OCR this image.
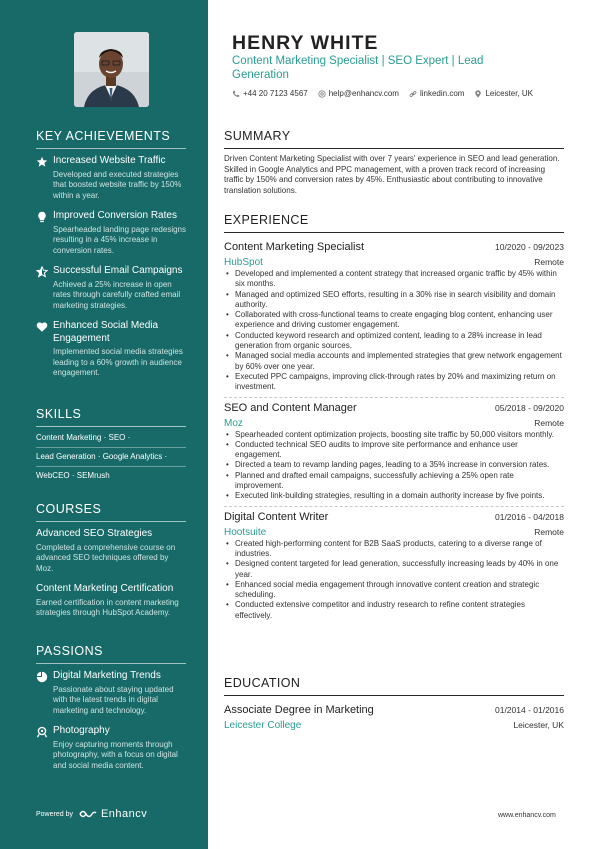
KEY ACHIEVEMENTS
Increased Website Traffic
Developed and executed strategies that boosted website traffic by 150% within a year.
Improved Conversion Rates
Spearheaded landing page redesigns resulting in a 45% increase in conversion rates.
Successful Email Campaigns
Achieved a 25% increase in open rates through carefully crafted email marketing strategies.
Enhanced Social Media Engagement
Implemented social media strategies leading to a 60% growth in audience engagement.
SKILLS
Content Marketing · SEO ·
Lead Generation · Google Analytics ·
WebCEO · SEMrush
COURSES
Advanced SEO Strategies
Completed a comprehensive course on advanced SEO techniques offered by Moz.
Content Marketing Certification
Earned certification in content marketing strategies through HubSpot Academy.
PASSIONS
Digital Marketing Trends
Passionate about staying updated with the latest trends in digital marketing and technology.
Photography
Enjoy capturing moments through photography, with a focus on digital and social media content.
Powered by	Enhancv
HENRY WHITE
Content Marketing Specialist | SEO Expert | Lead Generation
+44 20 7123 4567	help@enhancv.com	linkedin.com	Leicester, UK
SUMMARY
Driven Content Marketing Specialist with over 7 years' experience in SEO and lead generation. Skilled in Google Analytics and PPC management, with a proven track record of increasing traffic by 150% and conversion rates by 45%. Enthusiastic about contributing to innovative translation solutions.
EXPERIENCE
Content Marketing Specialist	10/2020 - 09/2023
HubSpot	Remote
• Developed and implemented a content strategy that increased organic traffic by 45% within six months.
• Managed and optimized SEO efforts, resulting in a 30% rise in search visibility and domain authority.
• Collaborated with cross-functional teams to create engaging blog content, enhancing user experience and driving customer engagement.
• Conducted keyword research and optimized content, leading to a 28% increase in lead generation from organic sources.
• Managed social media accounts and implemented strategies that grew network engagement by 60% over one year.
• Executed PPC campaigns, improving click-through rates by 20% and maximizing return on investment.
SEO and Content Manager	05/2018 - 09/2020
Moz	Remote
• Spearheaded content optimization projects, boosting site traffic by 50,000 visitors monthly.
• Conducted technical SEO audits to improve site performance and enhance user engagement.
• Directed a team to revamp landing pages, leading to a 35% increase in conversion rates.
• Planned and drafted email campaigns, successfully achieving a 25% open rate improvement.
• Executed link-building strategies, resulting in a domain authority increase by five points.
Digital Content Writer	01/2016 - 04/2018
Hootsuite	Remote
• Created high-performing content for B2B SaaS products, catering to a diverse range of industries.
• Designed content targeted for lead generation, successfully increasing leads by 40% in one year.
• Enhanced social media engagement through innovative content creation and strategic scheduling.
• Conducted extensive competitor and industry research to refine content strategies effectively.
EDUCATION
Associate Degree in Marketing	01/2014 - 01/2016
Leicester College	Leicester, UK
www.enhancv.com
